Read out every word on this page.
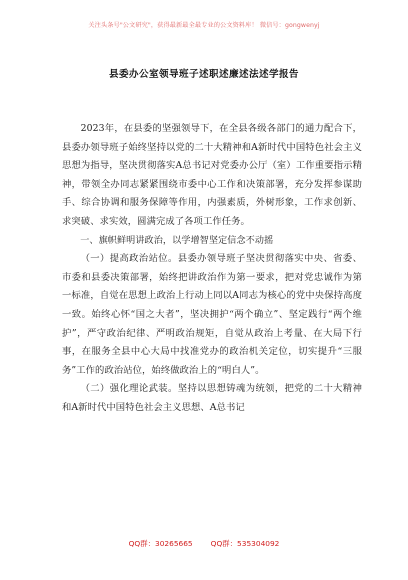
关注头条号"公文研究"，获得最新最全最专业的公文资料库！ 微信号：gongwenyj
县委办公室领导班子述职述廉述法述学报告

2023年，在县委的坚强领导下，在全县各级各部门的通力配合下，县委办领导班子始终坚持以党的二十大精神和A新时代中国特色社会主义思想为指导，坚决贯彻落实A总书记对党委办公厅（室）工作重要指示精神，带领全办同志紧紧围绕市委中心工作和决策部署，充分发挥参谋助手、综合协调和服务保障等作用，内强素质，外树形象，工作求创新、求突破、求实效，圆满完成了各项工作任务。

一、旗帜鲜明讲政治，以学增智坚定信念不动摇

（一）提高政治站位。县委办领导班子坚决贯彻落实中央、省委、市委和县委决策部署，始终把讲政治作为第一要求，把对党忠诚作为第一标准，自觉在思想上政治上行动上同以A同志为核心的党中央保持高度一致。始终心怀“国之大者”，坚决拥护“两个确立”、坚定践行“两个维护”，严守政治纪律、严明政治规矩，自觉从政治上考量、在大局下行事，在服务全县中心大局中找准党办的政治机关定位，切实提升“三服务”工作的政治站位，始终做政治上的“明白人”。

（二）强化理论武装。坚持以思想铸魂为统领，把党的二十大精神和A新时代中国特色社会主义思想、A总书记

QQ群：30265665 QQ群：535304092
